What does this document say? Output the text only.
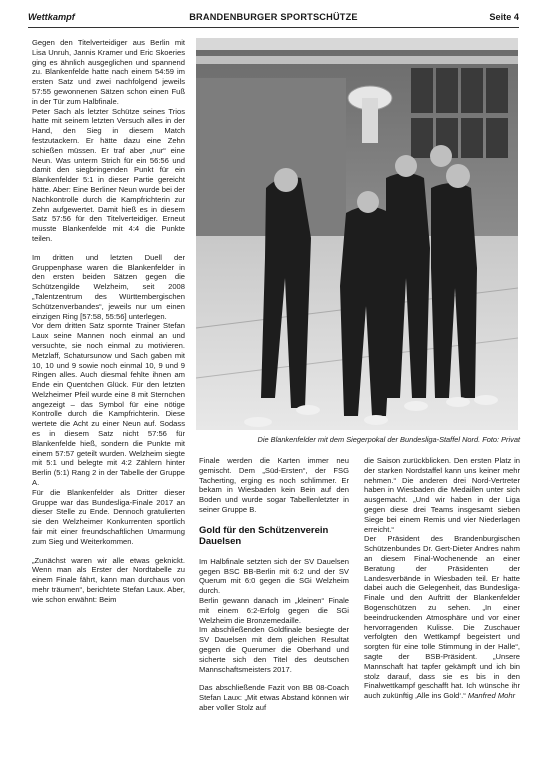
Wettkampf	BRANDENBURGER SPORTSCHÜTZE	Seite 4

Gegen den Titelverteidiger aus Berlin mit Lisa Unruh, Jannis Kramer und Eric Skoeries ging es ähnlich ausgeglichen und spannend zu. Blankenfelde hatte nach einem 54:59 im ersten Satz und zwei nachfolgend jeweils 57:55 gewonnenen Sätzen schon einen Fuß in der Tür zum Halbfinale.

Peter Sach als letzter Schütze seines Trios hatte mit seinem letzten Versuch alles in der Hand, den Sieg in diesem Match festzutackern. Er hätte dazu eine Zehn schießen müssen. Er traf aber „nur“ eine Neun. Was unterm Strich für ein 56:56 und damit den siegbringenden Punkt für ein Blankenfelder 5:1 in dieser Partie gereicht hätte. Aber: Eine Berliner Neun wurde bei der Nachkontrolle durch die Kampfrichterin zur Zehn aufgewertet. Damit hieß es in diesem Satz 57:56 für den Titelverteidiger. Erneut musste Blankenfelde mit 4:4 die Punkte teilen.

Im dritten und letzten Duell der Gruppenphase waren die Blankenfelder in den ersten beiden Sätzen gegen die Schützengilde Welzheim, seit 2008 „Talentzentrum des Württembergischen Schützenverbandes“, jeweils nur um einen einzigen Ring [57:58, 55:56] unterlegen.

Vor dem dritten Satz spornte Trainer Stefan Laux seine Mannen noch einmal an und versuchte, sie noch einmal zu motivieren. Metzlaff, Schatursunow und Sach gaben mit 10, 10 und 9 sowie noch einmal 10, 9 und 9 Ringen alles. Auch diesmal fehlte ihnen am Ende ein Quentchen Glück. Für den letzten Welzheimer Pfeil wurde eine 8 mit Sternchen angezeigt – das Symbol für eine nötige Kontrolle durch die Kampfrichterin. Diese wertete die Acht zu einer Neun auf. Sodass es in diesem Satz nicht 57:56 für Blankenfelde hieß, sondern die Punkte mit einem 57:57 geteilt wurden. Welzheim siegte mit 5:1 und belegte mit 4:2 Zählern hinter Berlin (5:1) Rang 2 in der Tabelle der Gruppe A.

Für die Blankenfelder als Dritter dieser Gruppe war das Bundesliga-Finale 2017 an dieser Stelle zu Ende. Dennoch gratulierten sie den Welzheimer Konkurrenten sportlich fair mit einer freundschaftlichen Umarmung zum Sieg und Weiterkommen.

„Zunächst waren wir alle etwas geknickt. Wenn man als Erster der Nordtabelle zu einem Finale fährt, kann man durchaus von mehr träumen“, berichtete Stefan Laux. Aber, wie schon erwähnt: Beim

Die Blankenfelder mit dem Siegerpokal der Bundesliga-Staffel Nord. Foto: Privat

Finale werden die Karten immer neu gemischt. Dem „Süd-Ersten“, der FSG Tacherting, erging es noch schlimmer. Er bekam in Wiesbaden kein Bein auf den Boden und wurde sogar Tabellenletzter in seiner Gruppe B.

Gold für den Schützenverein Dauelsen

Im Halbfinale setzten sich der SV Dauelsen gegen BSC BB-Berlin mit 6:2 und der SV Querum mit 6:0 gegen die SGi Welzheim durch.

Berlin gewann danach im „kleinen“ Finale mit einem 6:2-Erfolg gegen die SGi Welzheim die Bronzemedaille.

Im abschließenden Goldfinale besiegte der SV Dauelsen mit dem gleichen Resultat gegen die Querumer die Oberhand und sicherte sich den Titel des deutschen Mannschaftsmeisters 2017.

Das abschließende Fazit von BB 08-Coach Stefan Laux: „Mit etwas Abstand können wir aber voller Stolz auf

die Saison zurückblicken. Den ersten Platz in der starken Nordstaffel kann uns keiner mehr nehmen.“ Die anderen drei Nord-Vertreter haben in Wiesbaden die Medaillen unter sich ausgemacht. „Und wir haben in der Liga gegen diese drei Teams insgesamt sieben Siege bei einem Remis und vier Niederlagen erreicht.“

Der Präsident des Brandenburgischen Schützenbundes Dr. Gert-Dieter Andres nahm an diesem Final-Wochenende an einer Beratung der Präsidenten der Landesverbände in Wiesbaden teil. Er hatte dabei auch die Gelegenheit, das Bundesliga-Finale und den Auftritt der Blankenfelder Bogenschützen zu sehen. „In einer beeindruckenden Atmosphäre und vor einer hervorragenden Kulisse. Die Zuschauer verfolgten den Wettkampf begeistert und sorgten für eine tolle Stimmung in der Halle“, sagte der BSB-Präsident. „Unsere Mannschaft hat tapfer gekämpft und ich bin stolz darauf, dass sie es bis in den Finalwettkampf geschafft hat. Ich wünsche ihr auch zukünftig ‚Alle ins Gold‘.“ Manfred Mohr
